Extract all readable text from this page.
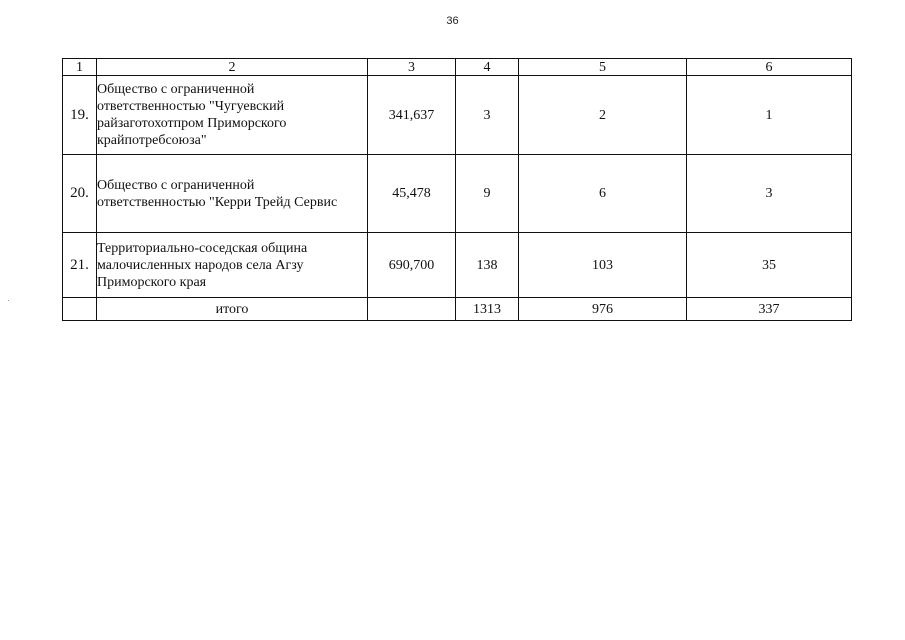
36
1	2	3	4	5	6
19.	Общество с ограниченной
ответственностью "Чугуевский
райзаготохотпром Приморского
крайпотребсоюза"	341,637	3	2	1
20.	Общество с ограниченной
ответственностью "Керри Трейд Сервис	45,478	9	6	3
21.	Территориально-соседская община
малочисленных народов села Агзу
Приморского края	690,700	138	103	35
	итого		1313	976	337
